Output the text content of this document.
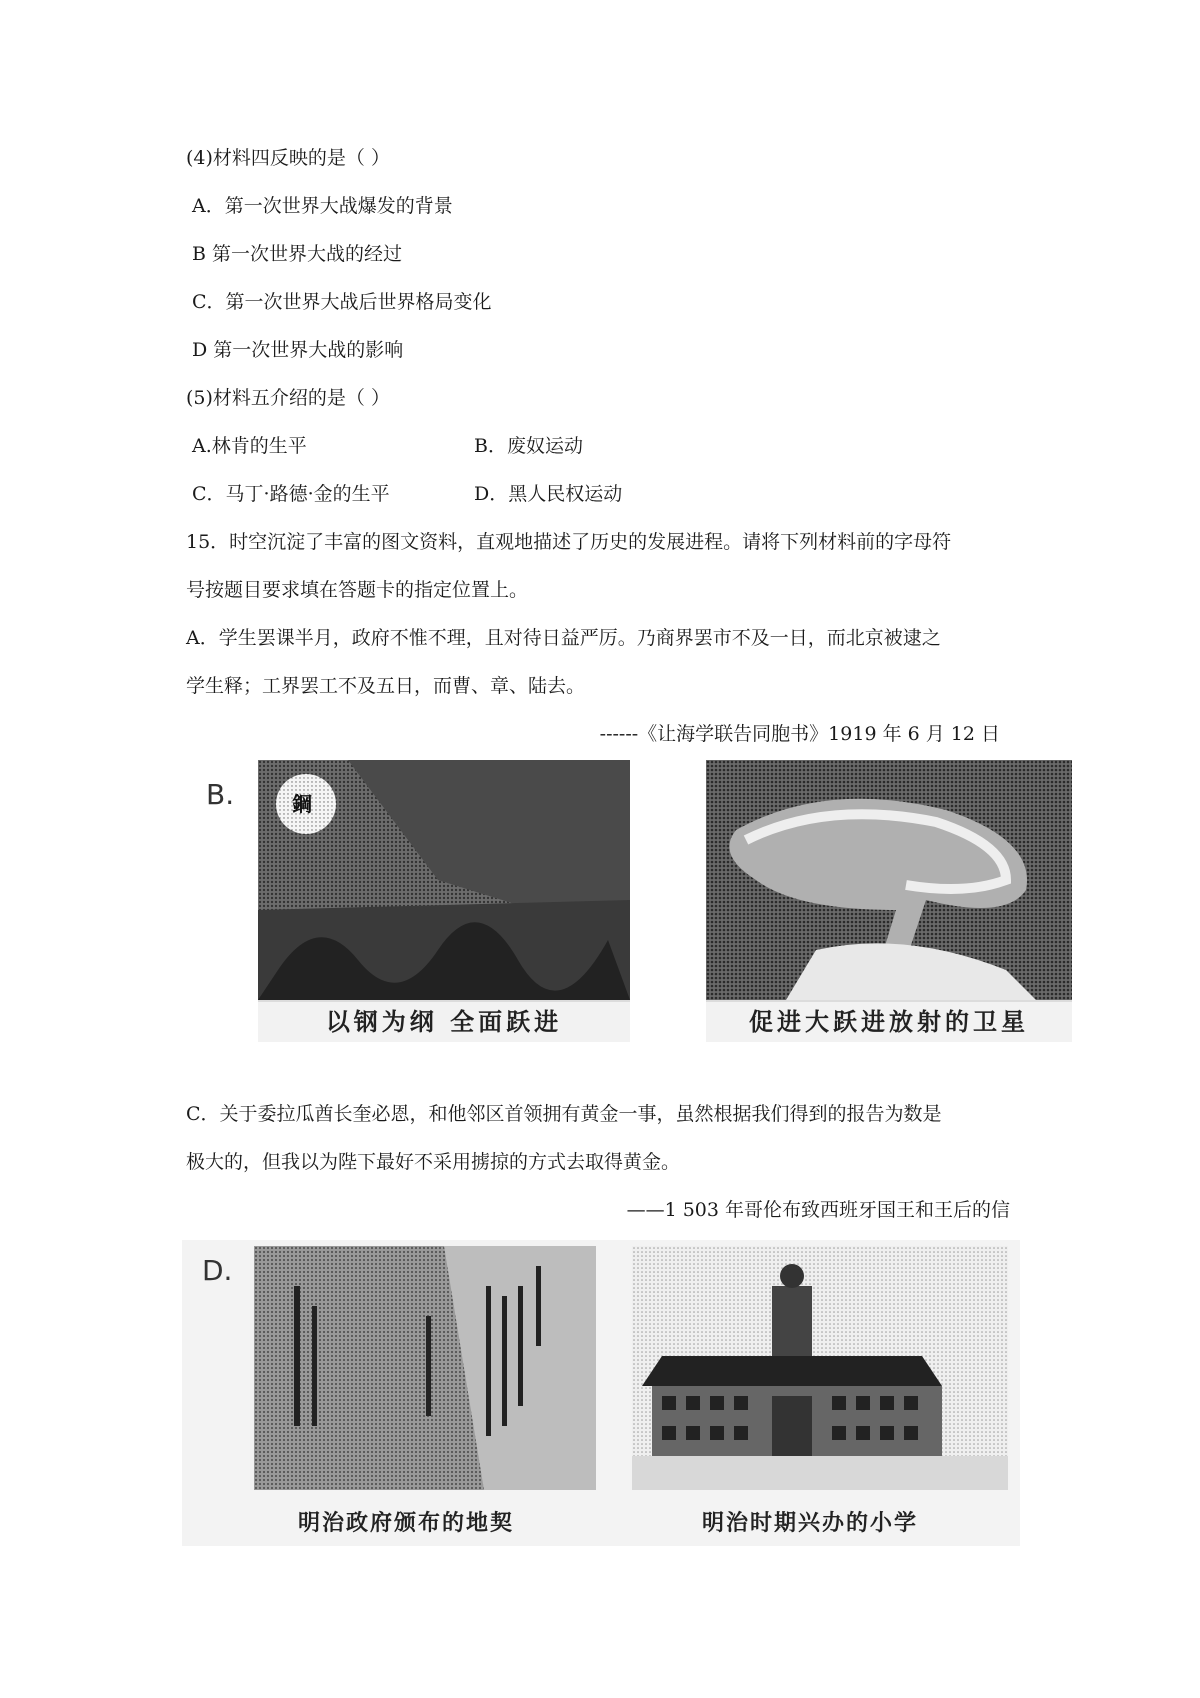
(4)材料四反映的是（ ）
A．第一次世界大战爆发的背景
B 第一次世界大战的经过
C．第一次世界大战后世界格局变化
D 第一次世界大战的影响
(5)材料五介绍的是（ ）
A.林肯的生平	B．废奴运动
C．马丁·路德·金的生平	D．黑人民权运动
15．时空沉淀了丰富的图文资料，直观地描述了历史的发展进程。请将下列材料前的字母符
号按题目要求填在答题卡的指定位置上。
A．学生罢课半月，政府不惟不理，且对待日益严厉。乃商界罢市不及一日，而北京被逮之
学生释；工界罢工不及五日，而曹、章、陆去。
------《让海学联告同胞书》1919 年 6 月 12 日
B.
以钢为纲 全面跃进
鋼
促进大跃进放射的卫星
C．关于委拉瓜酋长奎必恩，和他邻区首领拥有黄金一事，虽然根据我们得到的报告为数是
极大的，但我以为陛下最好不采用掳掠的方式去取得黄金。
——1 503 年哥伦布致西班牙国王和王后的信
D.
明治政府颁布的地契	明治时期兴办的小学
